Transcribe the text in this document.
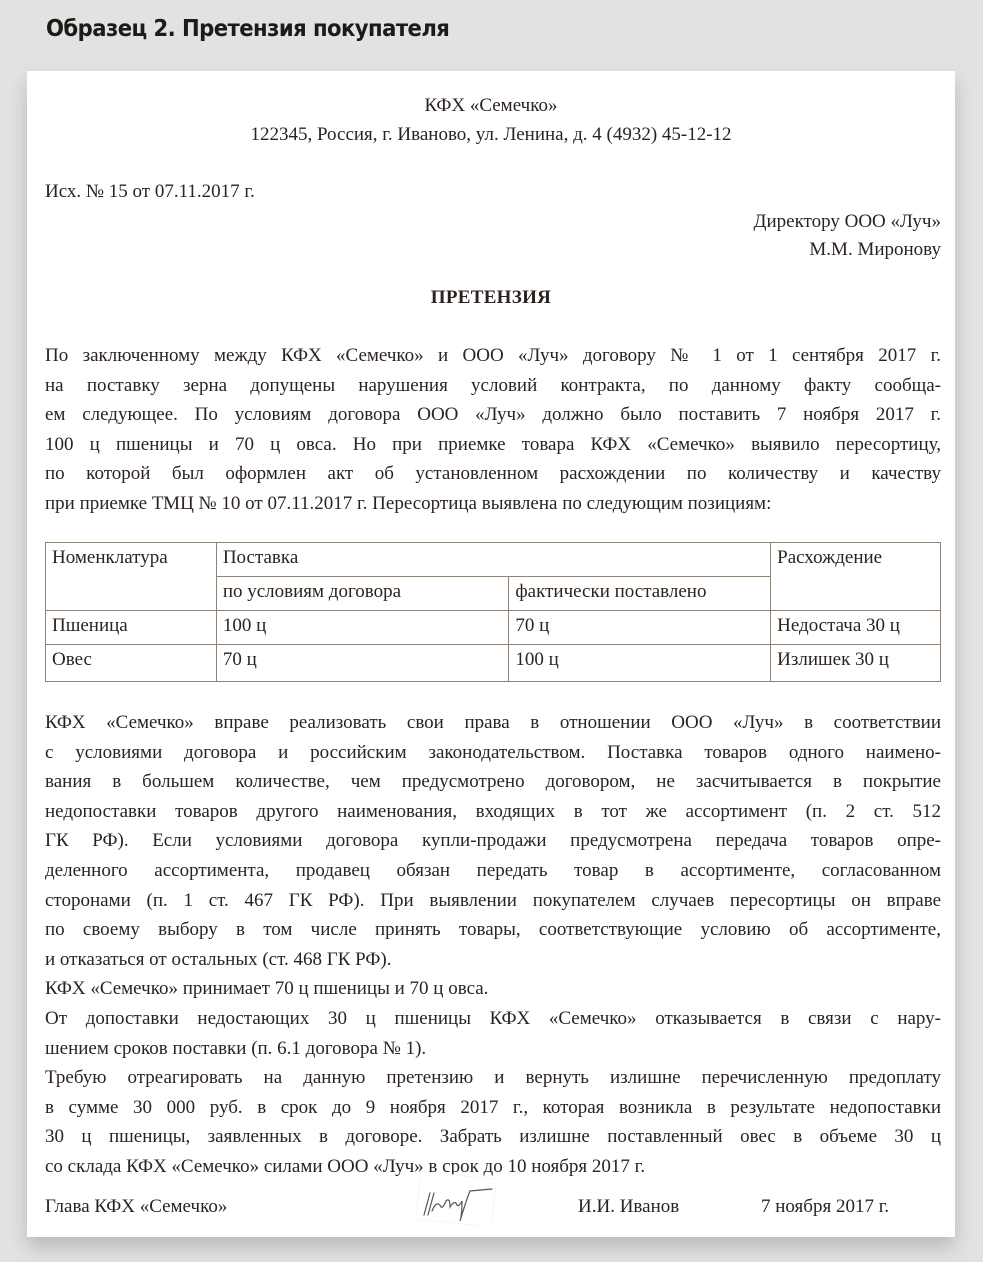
Образец 2. Претензия покупателя
КФХ «Семечко»
122345, Россия, г. Иваново, ул. Ленина, д. 4 (4932) 45-12-12
Исх. № 15 от 07.11.2017 г.
Директору ООО «Луч»
М.М. Миронову
ПРЕТЕНЗИЯ
По заключенному между КФХ «Семечко» и ООО «Луч» договору № 1 от 1 сентября 2017 г.
на поставку зерна допущены нарушения условий контракта, по данному факту сообща-
ем следующее. По условиям договора ООО «Луч» должно было поставить 7 ноября 2017 г.
100 ц пшеницы и 70 ц овса. Но при приемке товара КФХ «Семечко» выявило пересортицу,
по которой был оформлен акт об установленном расхождении по количеству и качеству
при приемке ТМЦ № 10 от 07.11.2017 г. Пересортица выявлена по следующим позициям:
Номенклатура	Поставка		Расхождение
	по условиям договора	фактически поставлено	
Пшеница	100 ц	70 ц	Недостача 30 ц
Овес	70 ц	100 ц	Излишек 30 ц
КФХ «Семечко» вправе реализовать свои права в отношении ООО «Луч» в соответствии
с условиями договора и российским законодательством. Поставка товаров одного наимено-
вания в большем количестве, чем предусмотрено договором, не засчитывается в покрытие
недопоставки товаров другого наименования, входящих в тот же ассортимент (п. 2 ст. 512
ГК РФ). Если условиями договора купли-продажи предусмотрена передача товаров опре-
деленного ассортимента, продавец обязан передать товар в ассортименте, согласованном
сторонами (п. 1 ст. 467 ГК РФ). При выявлении покупателем случаев пересортицы он вправе
по своему выбору в том числе принять товары, соответствующие условию об ассортименте,
и отказаться от остальных (ст. 468 ГК РФ).
КФХ «Семечко» принимает 70 ц пшеницы и 70 ц овса.
От допоставки недостающих 30 ц пшеницы КФХ «Семечко» отказывается в связи с нару-
шением сроков поставки (п. 6.1 договора № 1).
Требую отреагировать на данную претензию и вернуть излишне перечисленную предоплату
в сумме 30 000 руб. в срок до 9 ноября 2017 г., которая возникла в результате недопоставки
30 ц пшеницы, заявленных в договоре. Забрать излишне поставленный овес в объеме 30 ц
со склада КФХ «Семечко» силами ООО «Луч» в срок до 10 ноября 2017 г.
Глава КФХ «Семечко»	И.И. Иванов	7 ноября 2017 г.
